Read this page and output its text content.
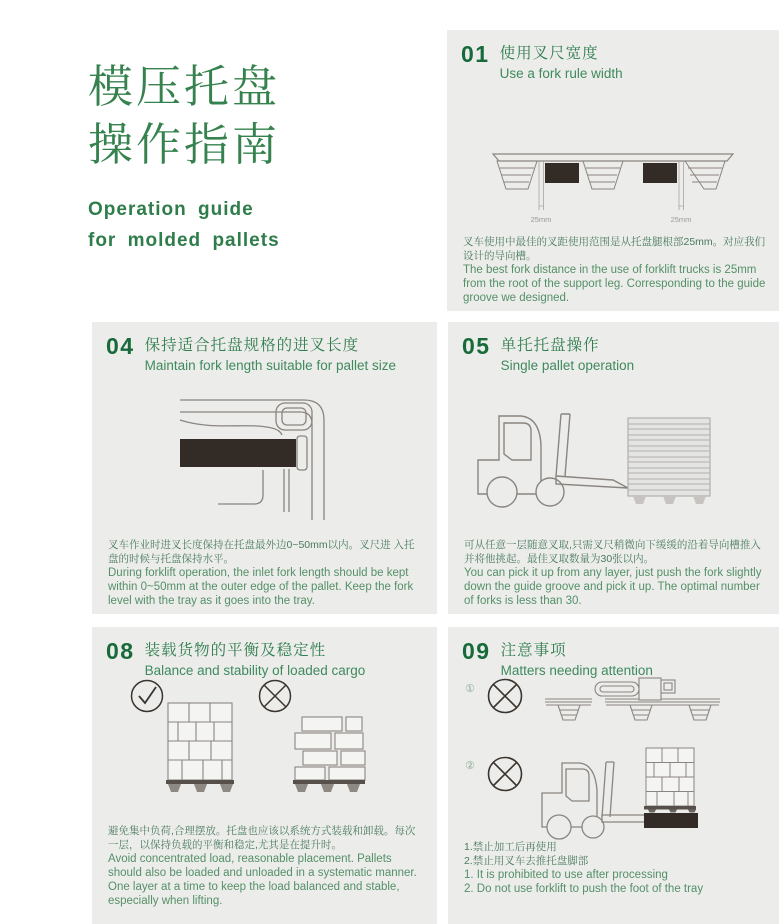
模压托盘
操作指南
Operation guide
for molded pallets
01 使用叉尺宽度
Use a fork rule width
25mm	25mm

叉车使用中最佳的叉距使用范围是从托盘腿根部25mm。对应我们设计的导向槽。

The best fork distance in the use of forklift trucks is 25mm from the root of the support leg. Corresponding to the guide groove we designed.

04 保持适合托盘规格的进叉长度
Maintain fork length suitable for pallet size

叉车作业时进叉长度保持在托盘最外边0~50mm以内。叉尺进 入托盘的时候与托盘保持水平。

During forklift operation, the inlet fork length should be kept within 0~50mm at the outer edge of the pallet. Keep the fork level with the tray as it goes into the tray.

05 单托托盘操作
Single pallet operation

可从任意一层随意叉取,只需叉尺稍微向下缓缓的沿着导向槽推入并将他挑起。最佳叉取数量为30张以内。

You can pick it up from any layer, just push the fork slightly down the guide groove and pick it up. The optimal number of forks is less than 30.

08 装载货物的平衡及稳定性
Balance and stability of loaded cargo

避免集中负荷,合理摆放。托盘也应该以系统方式装载和卸载。每次一层，以保持负载的平衡和稳定,尤其是在提升时。

Avoid concentrated load, reasonable placement. Pallets should also be loaded and unloaded in a systematic manner. One layer at a time to keep the load balanced and stable, especially when lifting.

09 注意事项
Matters needing attention
①
②

1.禁止加工后再使用

2.禁止用叉车去推托盘脚部

1. It is prohibited to use after processing

2. Do not use forklift to push the foot of the tray
